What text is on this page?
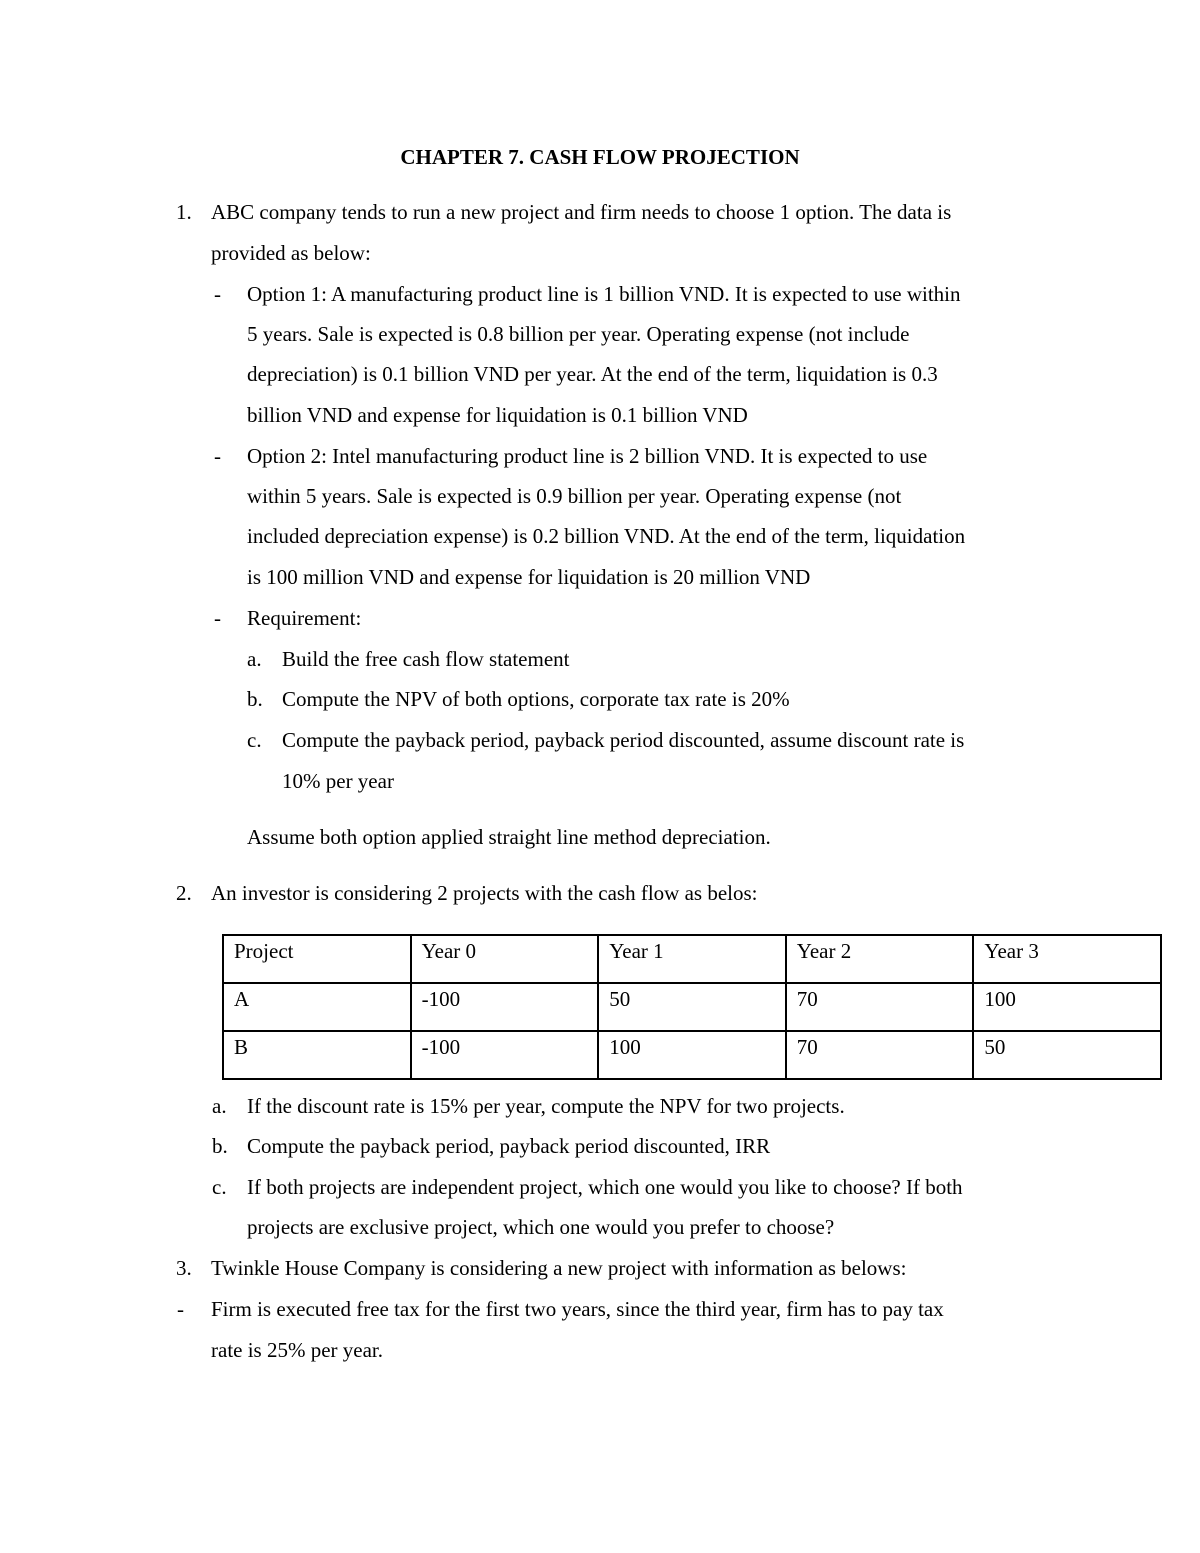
CHAPTER 7. CASH FLOW PROJECTION
1. ABC company tends to run a new project and firm needs to choose 1 option. The data is
provided as below:
- Option 1: A manufacturing product line is 1 billion VND. It is expected to use within
5 years. Sale is expected is 0.8 billion per year. Operating expense (not include
depreciation) is 0.1 billion VND per year. At the end of the term, liquidation is 0.3
billion VND and expense for liquidation is 0.1 billion VND
- Option 2: Intel manufacturing product line is 2 billion VND. It is expected to use
within 5 years. Sale is expected is 0.9 billion per year. Operating expense (not
included depreciation expense) is 0.2 billion VND. At the end of the term, liquidation
is 100 million VND and expense for liquidation is 20 million VND
- Requirement:
a. Build the free cash flow statement
b. Compute the NPV of both options, corporate tax rate is 20%
c. Compute the payback period, payback period discounted, assume discount rate is
10% per year
Assume both option applied straight line method depreciation.
2. An investor is considering 2 projects with the cash flow as belos:
Project	Year 0	Year 1	Year 2	Year 3
A	-100	50	70	100
B	-100	100	70	50
a. If the discount rate is 15% per year, compute the NPV for two projects.
b. Compute the payback period, payback period discounted, IRR
c. If both projects are independent project, which one would you like to choose? If both
projects are exclusive project, which one would you prefer to choose?
3. Twinkle House Company is considering a new project with information as belows:
- Firm is executed free tax for the first two years, since the third year, firm has to pay tax
rate is 25% per year.
